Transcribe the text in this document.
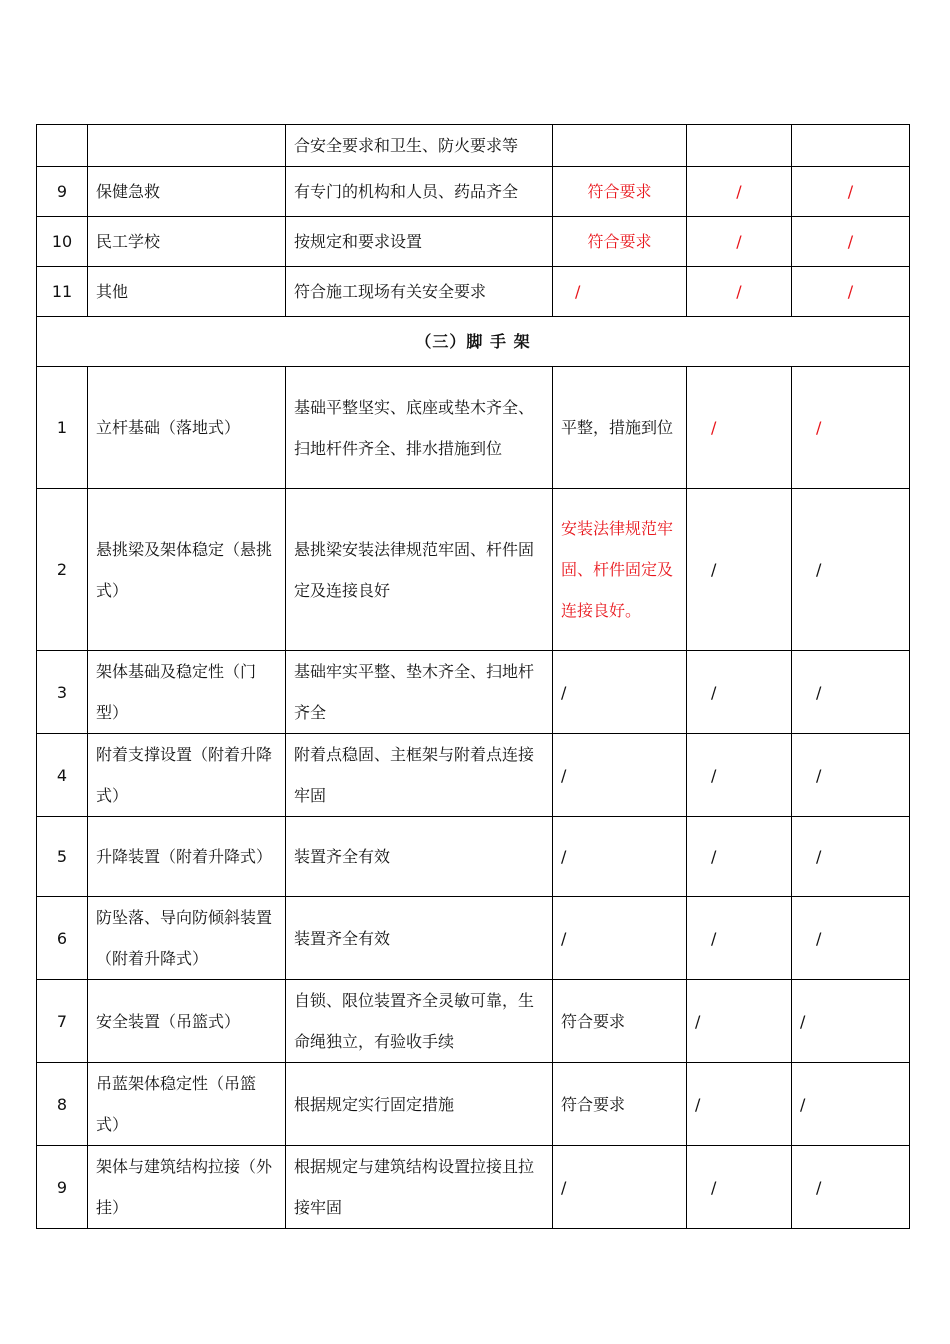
		合安全要求和卫生、防火要求等			
9	保健急救	有专门的机构和人员、药品齐全	符合要求	/	/
10	民工学校	按规定和要求设置	符合要求	/	/
11	其他	符合施工现场有关安全要求	/	/	/
（三）脚 手 架					
1	立杆基础（落地式）	基础平整坚实、底座或垫木齐全、扫地杆件齐全、排水措施到位	平整，措施到位	/	/
2	悬挑梁及架体稳定（悬挑式）	悬挑梁安装法律规范牢固、杆件固定及连接良好	安装法律规范牢固、杆件固定及连接良好。	/	/
3	架体基础及稳定性（门型）	基础牢实平整、垫木齐全、扫地杆齐全	/	/	/
4	附着支撑设置（附着升降式）	附着点稳固、主框架与附着点连接牢固	/	/	/
5	升降装置（附着升降式）	装置齐全有效	/	/	/
6	防坠落、导向防倾斜装置（附着升降式）	装置齐全有效	/	/	/
7	安全装置（吊篮式）	自锁、限位装置齐全灵敏可靠，生命绳独立，有验收手续	符合要求	/	/
8	吊蓝架体稳定性（吊篮式）	根据规定实行固定措施	符合要求	/	/
9	架体与建筑结构拉接（外挂）	根据规定与建筑结构设置拉接且拉接牢固	/	/	/
